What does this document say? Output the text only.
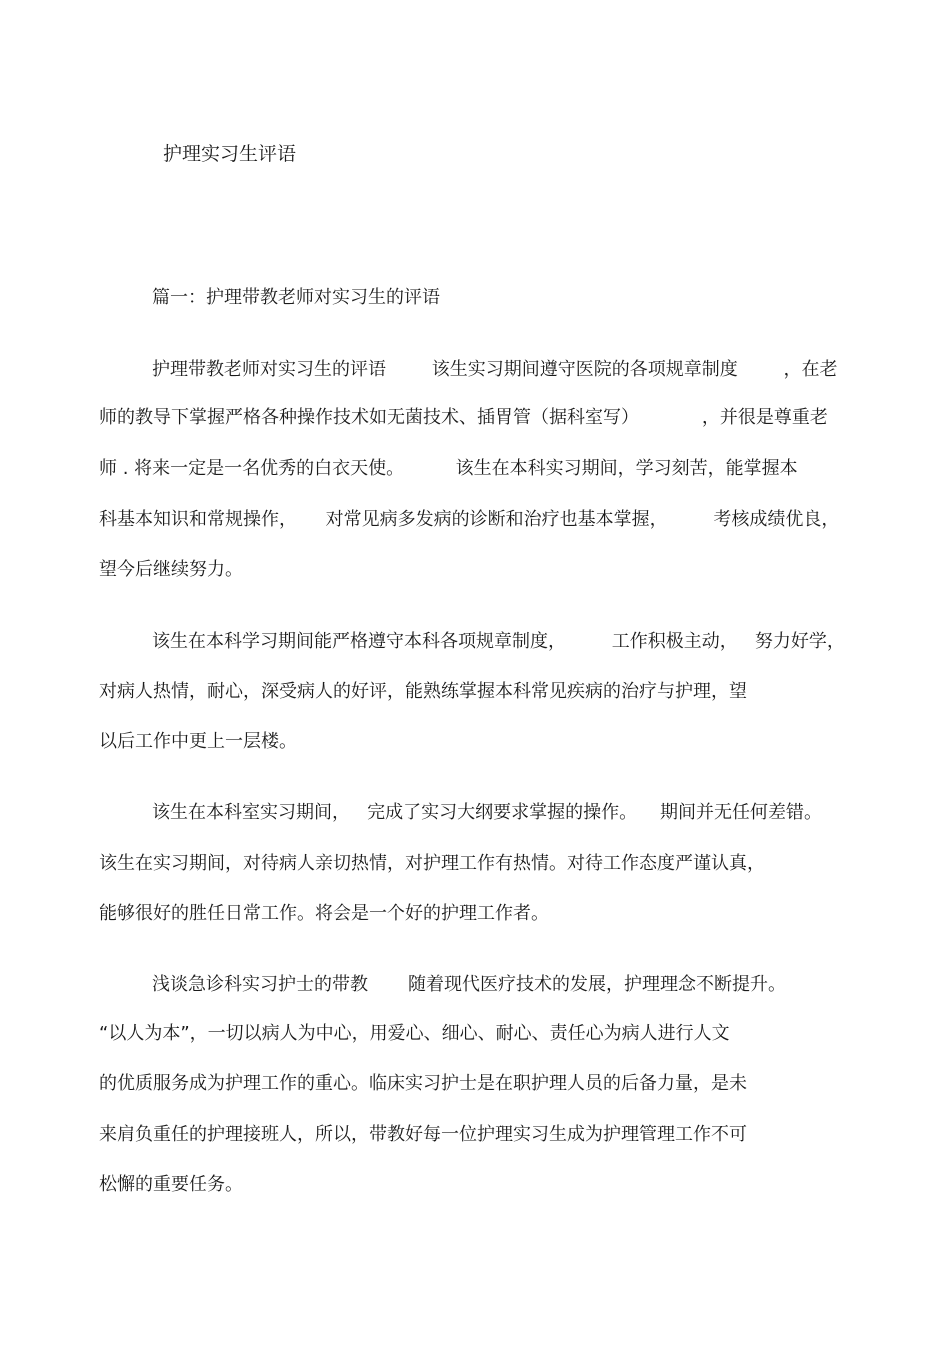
护理实习生评语
篇一：护理带教老师对实习生的评语
护理带教老师对实习生的评语        该生实习期间遵守医院的各项规章制度        ，在老
师的教导下掌握严格各种操作技术如无菌技术、插胃管（据科室写）           ，并很是尊重老
师 . 将来一定是一名优秀的白衣天使。         该生在本科实习期间，学习刻苦，能掌握本
科基本知识和常规操作，     对常见病多发病的诊断和治疗也基本掌握，        考核成绩优良，
望今后继续努力。
该生在本科学习期间能严格遵守本科各项规章制度，        工作积极主动，   努力好学，
对病人热情，耐心，深受病人的好评，能熟练掌握本科常见疾病的治疗与护理，望
以后工作中更上一层楼。
该生在本科室实习期间，   完成了实习大纲要求掌握的操作。    期间并无任何差错。
该生在实习期间，对待病人亲切热情，对护理工作有热情。对待工作态度严谨认真，
能够很好的胜任日常工作。将会是一个好的护理工作者。
浅谈急诊科实习护士的带教       随着现代医疗技术的发展，护理理念不断提升。
“以人为本”，一切以病人为中心，用爱心、细心、耐心、责任心为病人进行人文
的优质服务成为护理工作的重心。临床实习护士是在职护理人员的后备力量，是未
来肩负重任的护理接班人，所以，带教好每一位护理实习生成为护理管理工作不可
松懈的重要任务。
